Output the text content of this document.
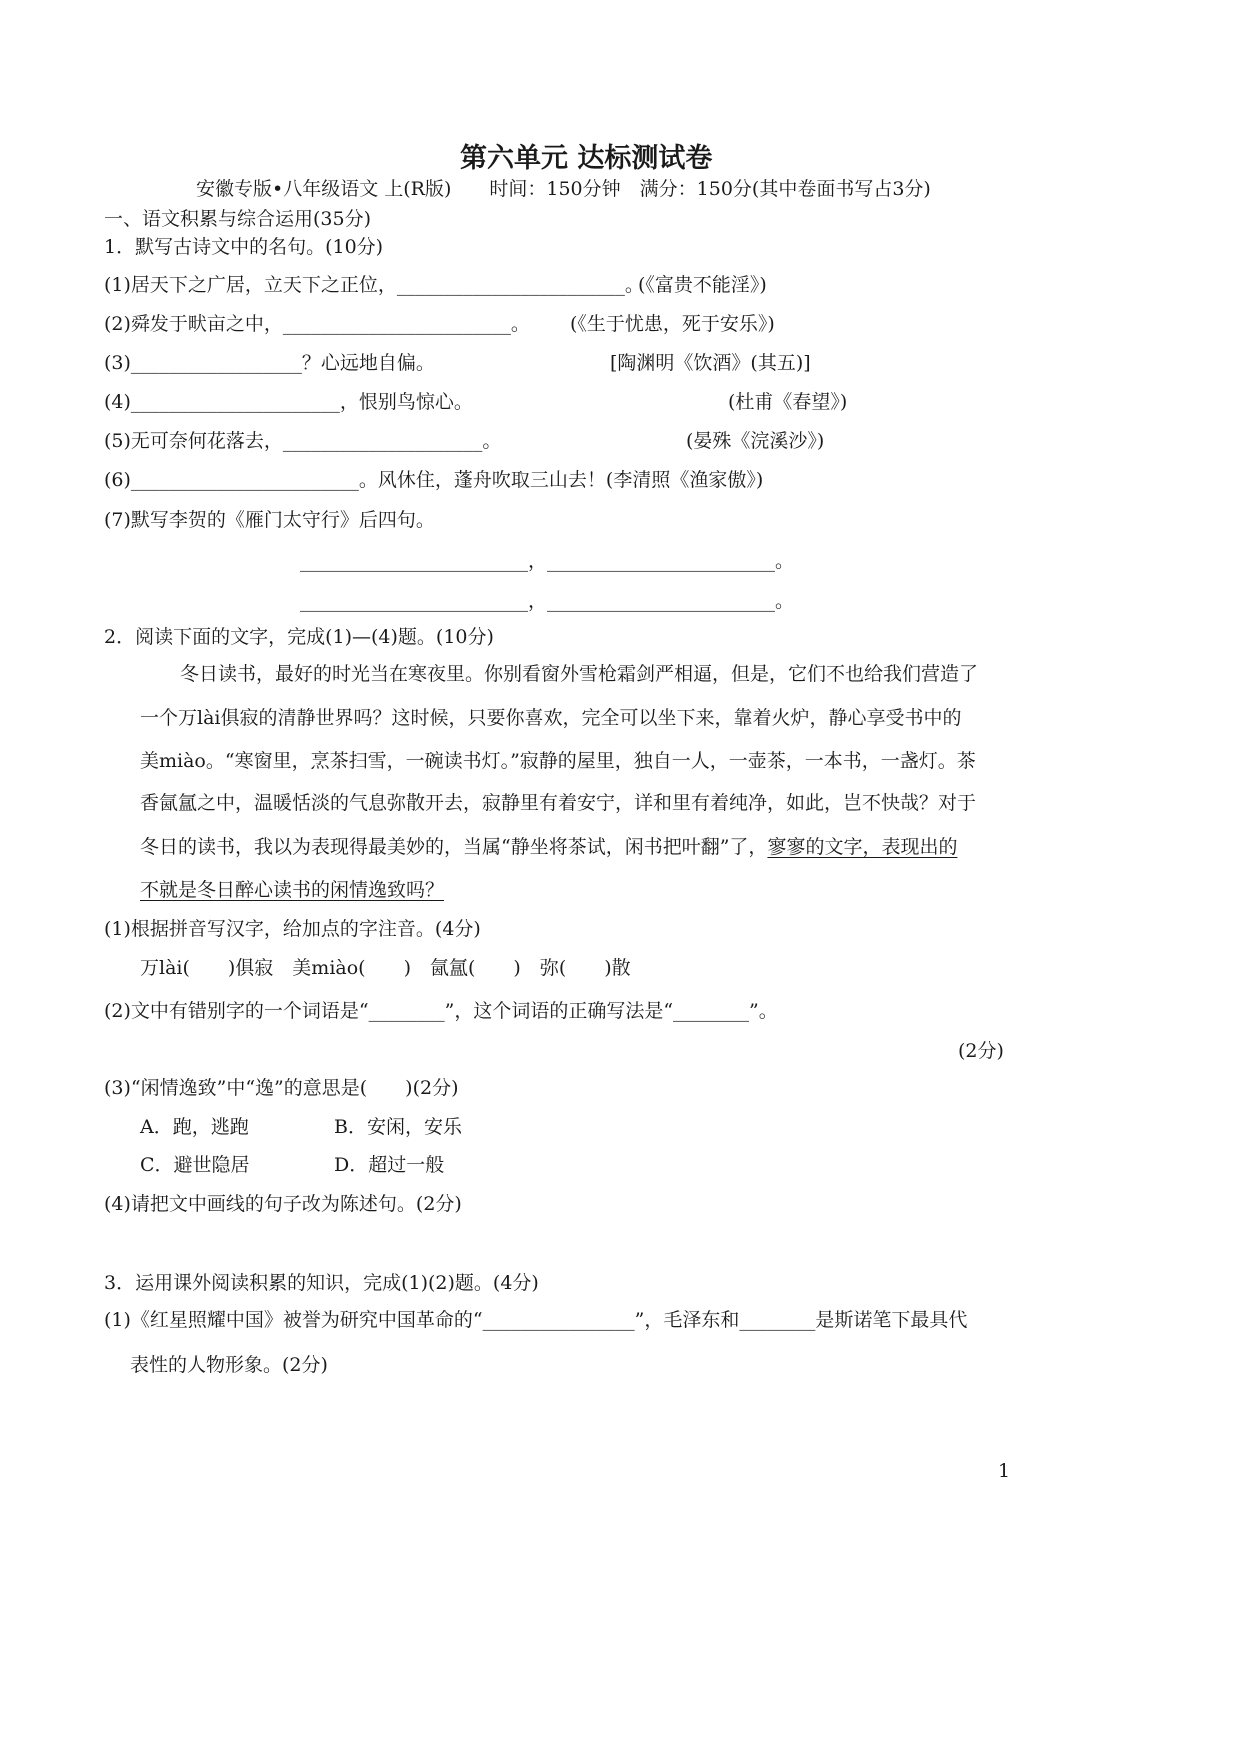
第六单元 达标测试卷
安徽专版•八年级语文 上(R版)　　时间：150分钟　满分：150分(其中卷面书写占3分)
一、语文积累与综合运用(35分)
1．默写古诗文中的名句。(10分)
(1)居天下之广居，立天下之正位，________________________。
(《富贵不能淫》)
(2)舜发于畎亩之中，________________________。 (《生于忧患，死于安乐》)
(3)__________________？心远地自偏。	[陶渊明《饮酒》(其五)]
(4)______________________，恨别鸟惊心。	(杜甫《春望》)
(5)无可奈何花落去，_____________________。	(晏殊《浣溪沙》)
(6)________________________。风休住，蓬舟吹取三山去！(李清照《渔家傲》)
(7)默写李贺的《雁门太守行》后四句。
________________________，________________________。
________________________，________________________。
2．阅读下面的文字，完成(1)—(4)题。(10分)
冬日读书，最好的时光当在寒夜里。你别看窗外雪枪霜剑严相逼，但是，它们不也给我们营造了
一个万lài俱寂的清静世界吗？这时候，只要你喜欢，完全可以坐下来，靠着火炉，静心享受书中的
美miào。“寒窗里，烹茶扫雪，一碗读书灯。”寂静的屋里，独自一人，一壶茶，一本书，一盏灯。茶
香氤氲之中，温暖恬淡的气息弥散开去，寂静里有着安宁，详和里有着纯净，如此，岂不快哉？对于
冬日的读书，我以为表现得最美妙的，当属“静坐将茶试，闲书把叶翻”了，寥寥的文字，表现出的
不就是冬日醉心读书的闲情逸致吗？
(1)根据拼音写汉字，给加点的字注音。(4分)
万lài(　　)俱寂　美miào(　　)　氤氲(　　)　弥(　　)散
(2)文中有错别字的一个词语是“________”，这个词语的正确写法是“________”。
(2分)
(3)“闲情逸致”中“逸”的意思是(　　)(2分)
A．跑，逃跑	B．安闲，安乐
C．避世隐居	D．超过一般
(4)请把文中画线的句子改为陈述句。(2分)
3．运用课外阅读积累的知识，完成(1)(2)题。(4分)
(1)《红星照耀中国》被誉为研究中国革命的“________________”，毛泽东和________是斯诺笔下最具代
表性的人物形象。(2分)
1
